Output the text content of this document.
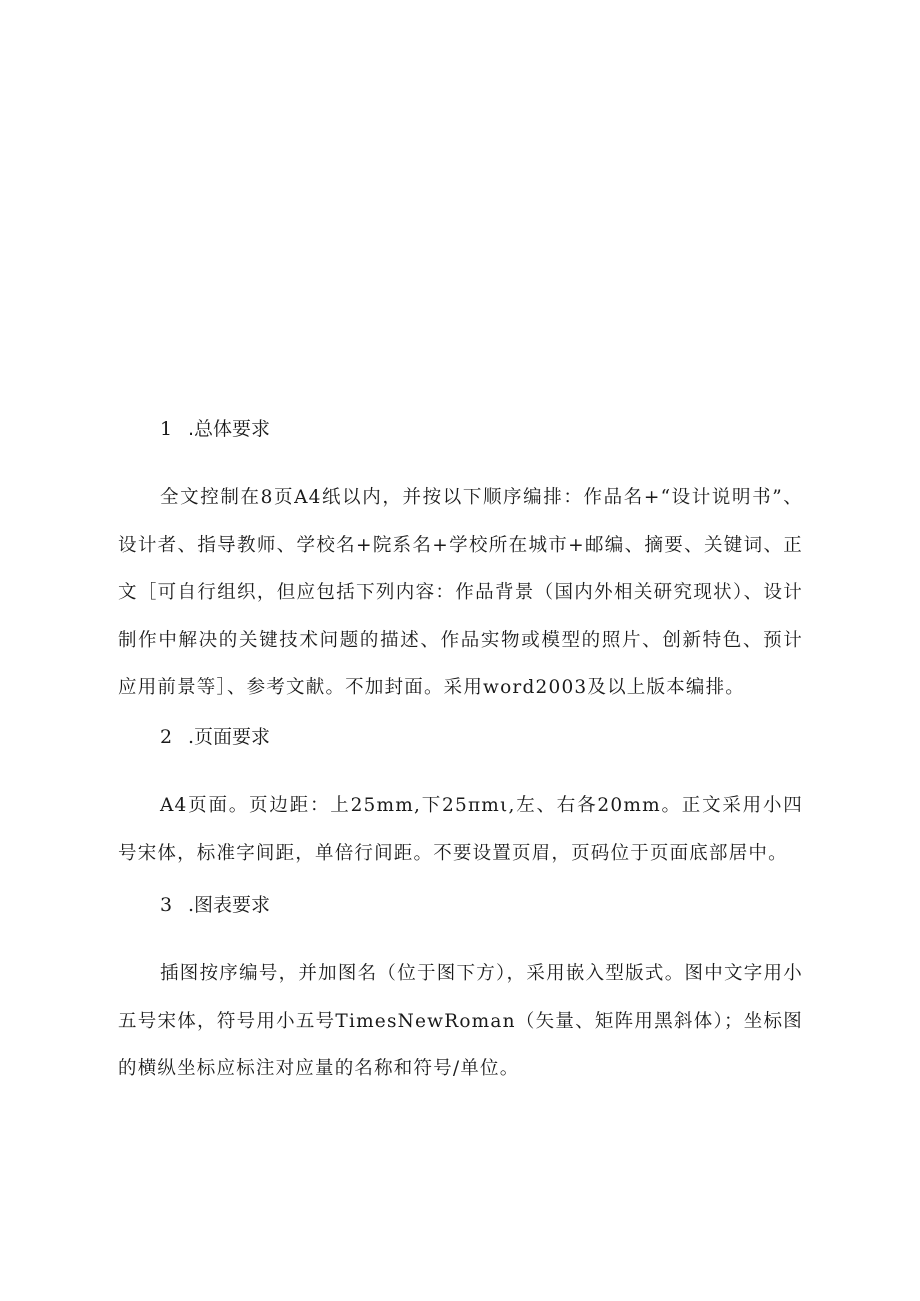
1 .总体要求

全文控制在8页A4纸以内，并按以下顺序编排：作品名+“设计说明书”、设计者、指导教师、学校名+院系名+学校所在城市+邮编、摘要、关键词、正文［可自行组织，但应包括下列内容：作品背景（国内外相关研究现状）、设计制作中解决的关键技术问题的描述、作品实物或模型的照片、创新特色、预计应用前景等］、参考文献。不加封面。采用word2003及以上版本编排。

2 .页面要求

A4页面。页边距：上25mm,下25πmι,左、右各20mm。正文采用小四号宋体，标准字间距，单倍行间距。不要设置页眉，页码位于页面底部居中。

3 .图表要求

插图按序编号，并加图名（位于图下方），采用嵌入型版式。图中文字用小五号宋体，符号用小五号TimesNewRoman（矢量、矩阵用黑斜体）；坐标图的横纵坐标应标注对应量的名称和符号/单位。
